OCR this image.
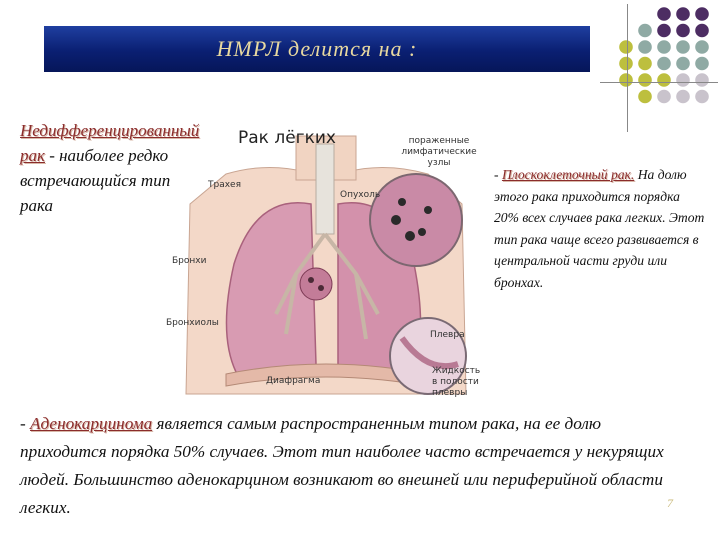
НМРЛ делится на :
Недифференцированный рак - наиболее редко встречающийся тип рака
Рак лёгких	пораженные лимфатические узлы
Трахея
Опухоль
Бронхи
Бронхиолы
Диафрагма
Плевра
Жидкость в полости плевры
- Плоскоклеточный рак. На долю этого рака приходится порядка 20% всех случаев рака легких. Этот тип рака чаще всего развивается в центральной части груди или бронхах.
- Аденокарцинома является самым распространенным типом рака, на ее долю приходится порядка 50% случаев. Этот тип наиболее часто встречается у некурящих людей. Большинство аденокарцином возникают во внешней или периферийной области легких.	7
